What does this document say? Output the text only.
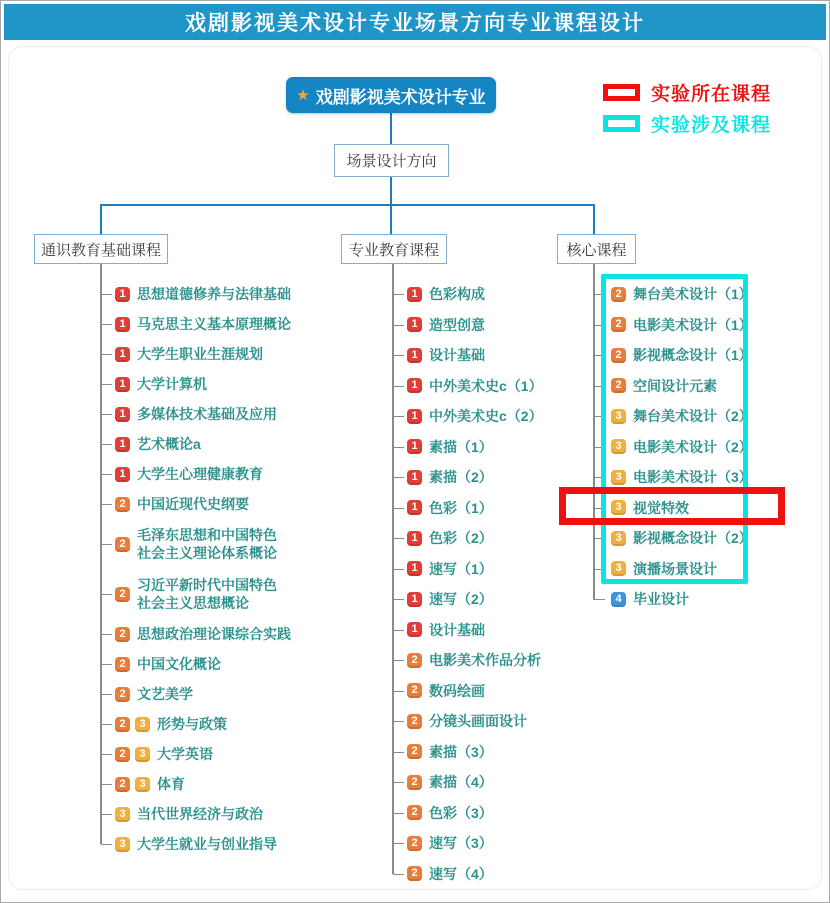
戏剧影视美术设计专业场景方向专业课程设计
★ 戏剧影视美术设计专业
场景设计方向
实验所在课程
实验涉及课程
通识教育基础课程	专业教育课程	核心课程
1 思想道德修养与法律基础
1 马克思主义基本原理概论
1 大学生职业生涯规划
1 大学计算机
1 多媒体技术基础及应用
1 艺术概论a
1 大学生心理健康教育
2 中国近现代史纲要
2
毛泽东思想和中国特色社会主义理论体系概论
2
习近平新时代中国特色社会主义思想概论
2 思想政治理论课综合实践
2 中国文化概论
2 文艺美学
2	3 形势与政策
2	3 大学英语
2	3 体育
3 当代世界经济与政治
3 大学生就业与创业指导
1 色彩构成
1 造型创意
1 设计基础
1 中外美术史c（1）
1 中外美术史c（2）
1 素描（1）
1 素描（2）
1 色彩（1）
1 色彩（2）
1 速写（1）
1 速写（2）
1 设计基础
2 电影美术作品分析
2 数码绘画
2 分镜头画面设计
2 素描（3）
2 素描（4）
2 色彩（3）
2 速写（3）
2 速写（4）
2 舞台美术设计（1）
2 电影美术设计（1）
2 影视概念设计（1）
2 空间设计元素
3 舞台美术设计（2）
3 电影美术设计（2）
3 电影美术设计（3）
3 视觉特效
3 影视概念设计（2）
3 演播场景设计
4 毕业设计
